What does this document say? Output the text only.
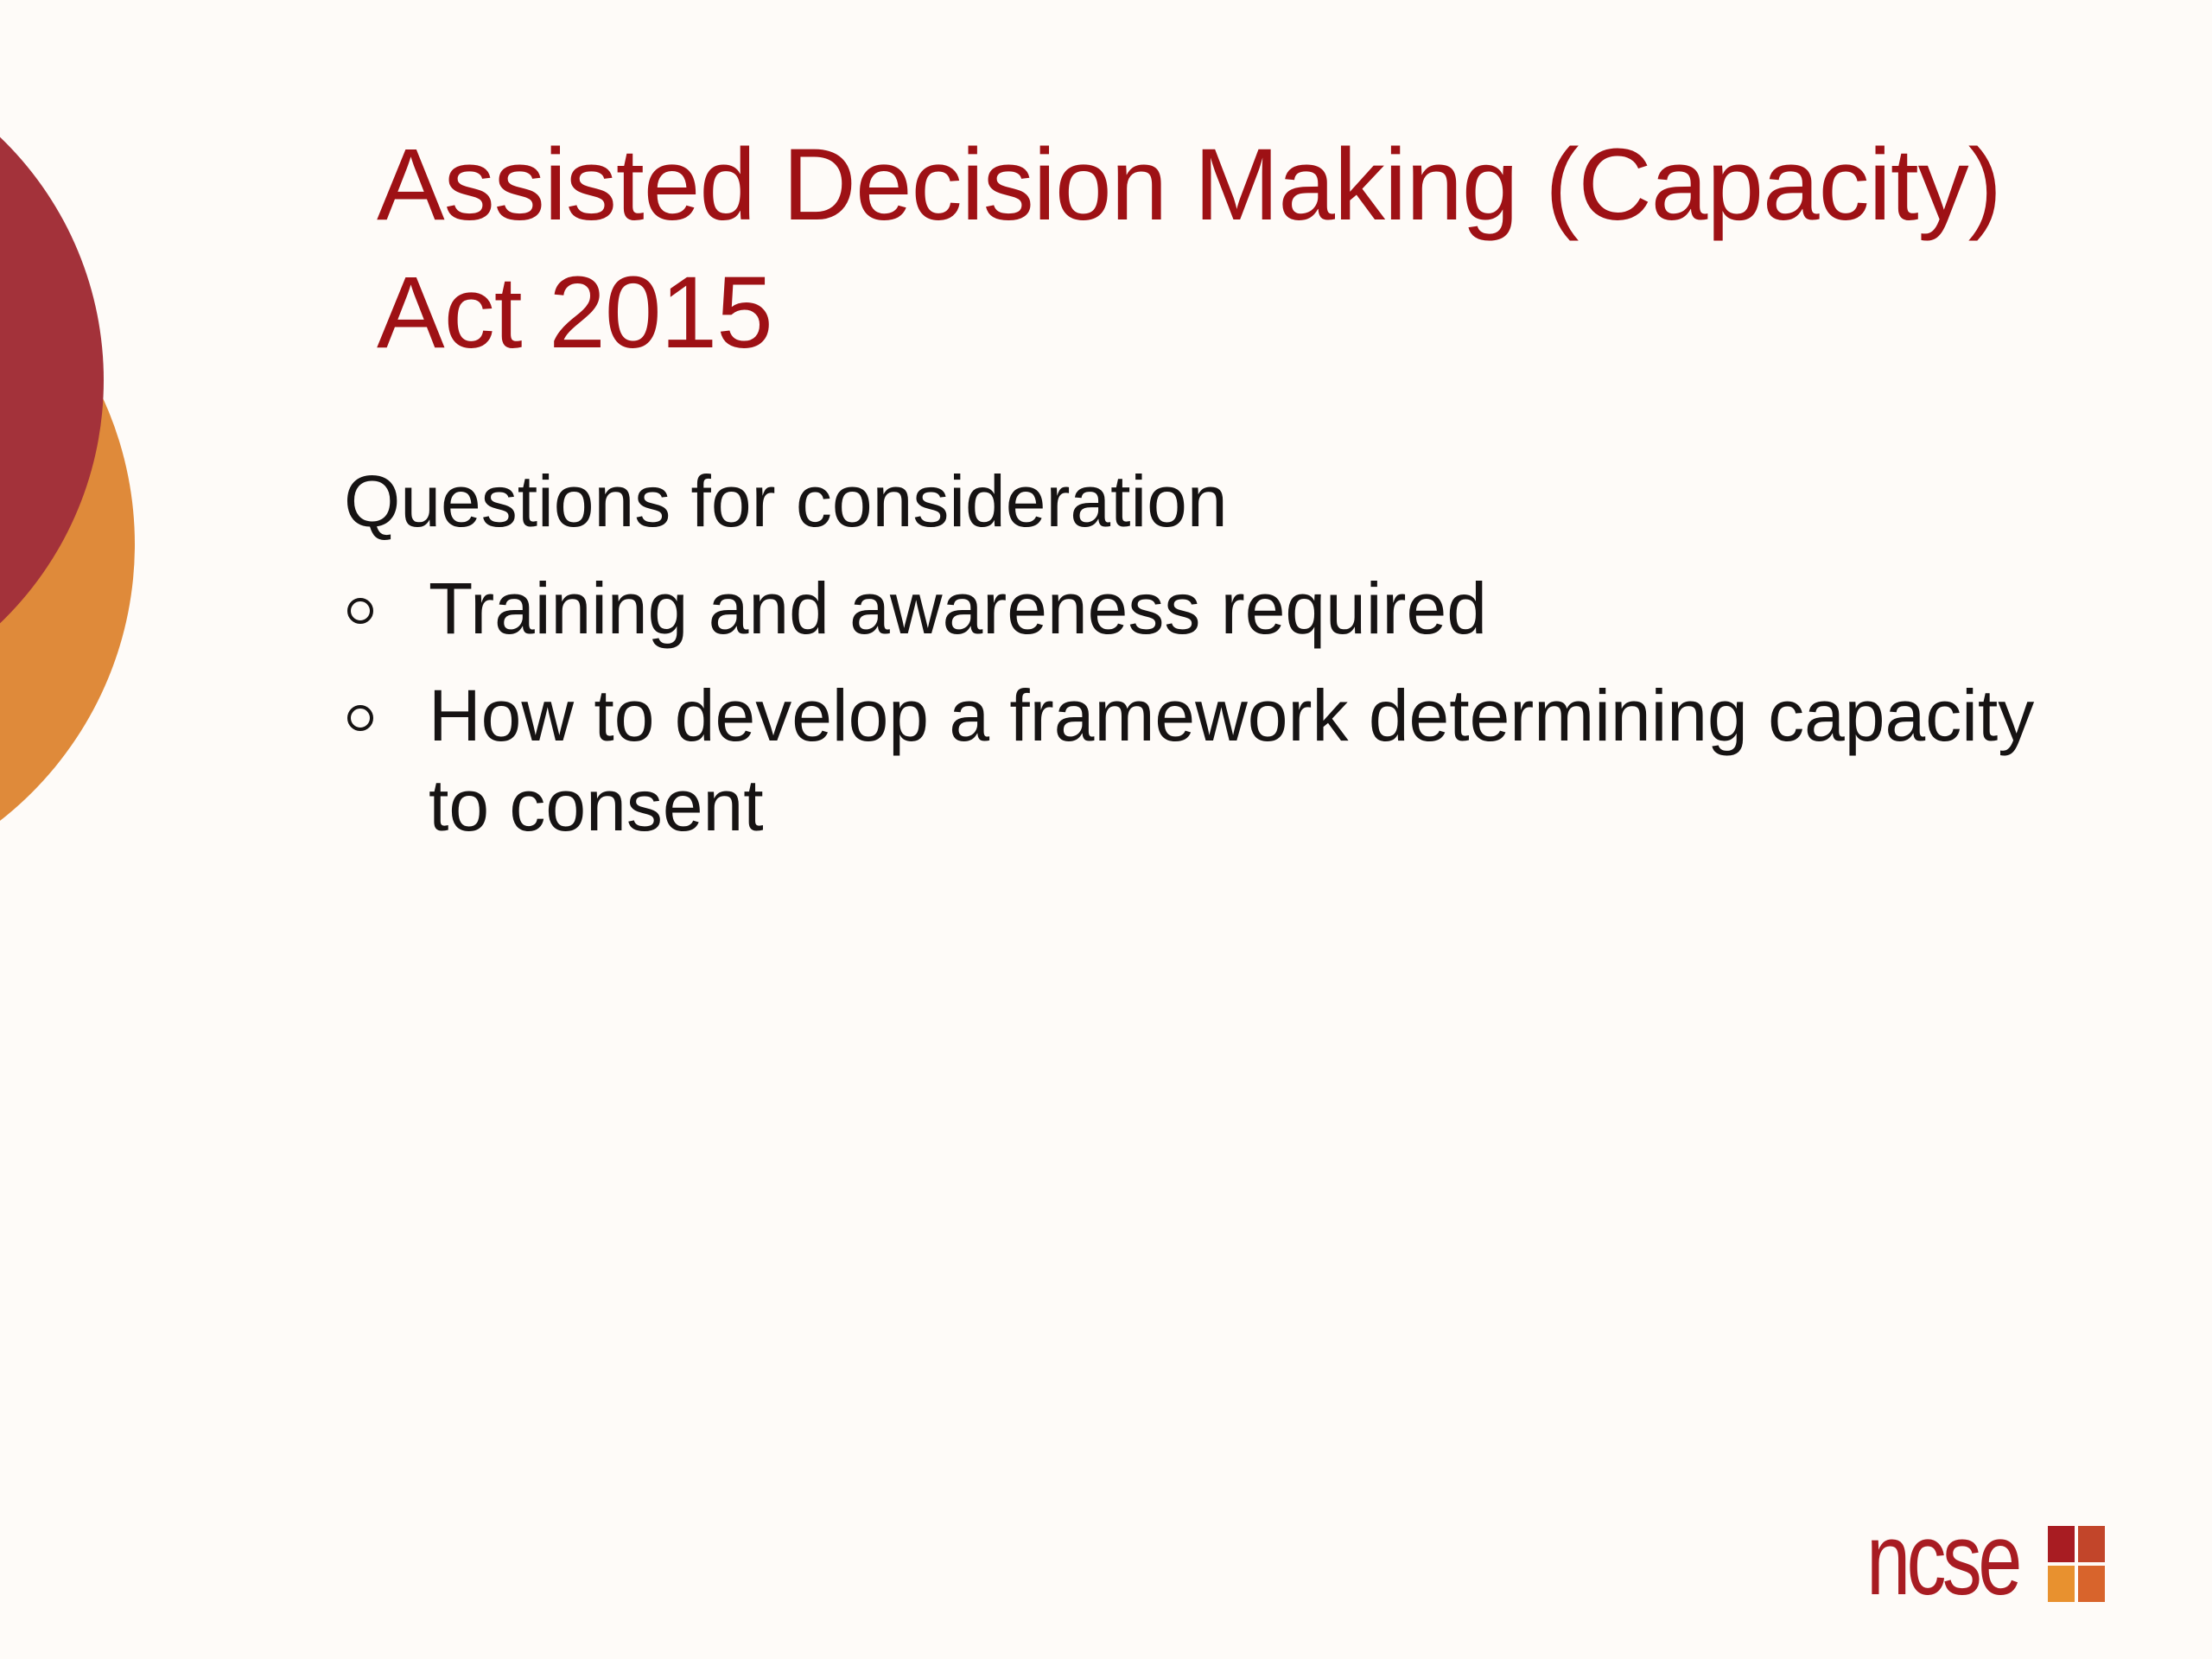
Assisted Decision Making (Capacity)
Act 2015

Questions for consideration

Training and awareness required
How to develop a framework determining capacity to consent
ncse
